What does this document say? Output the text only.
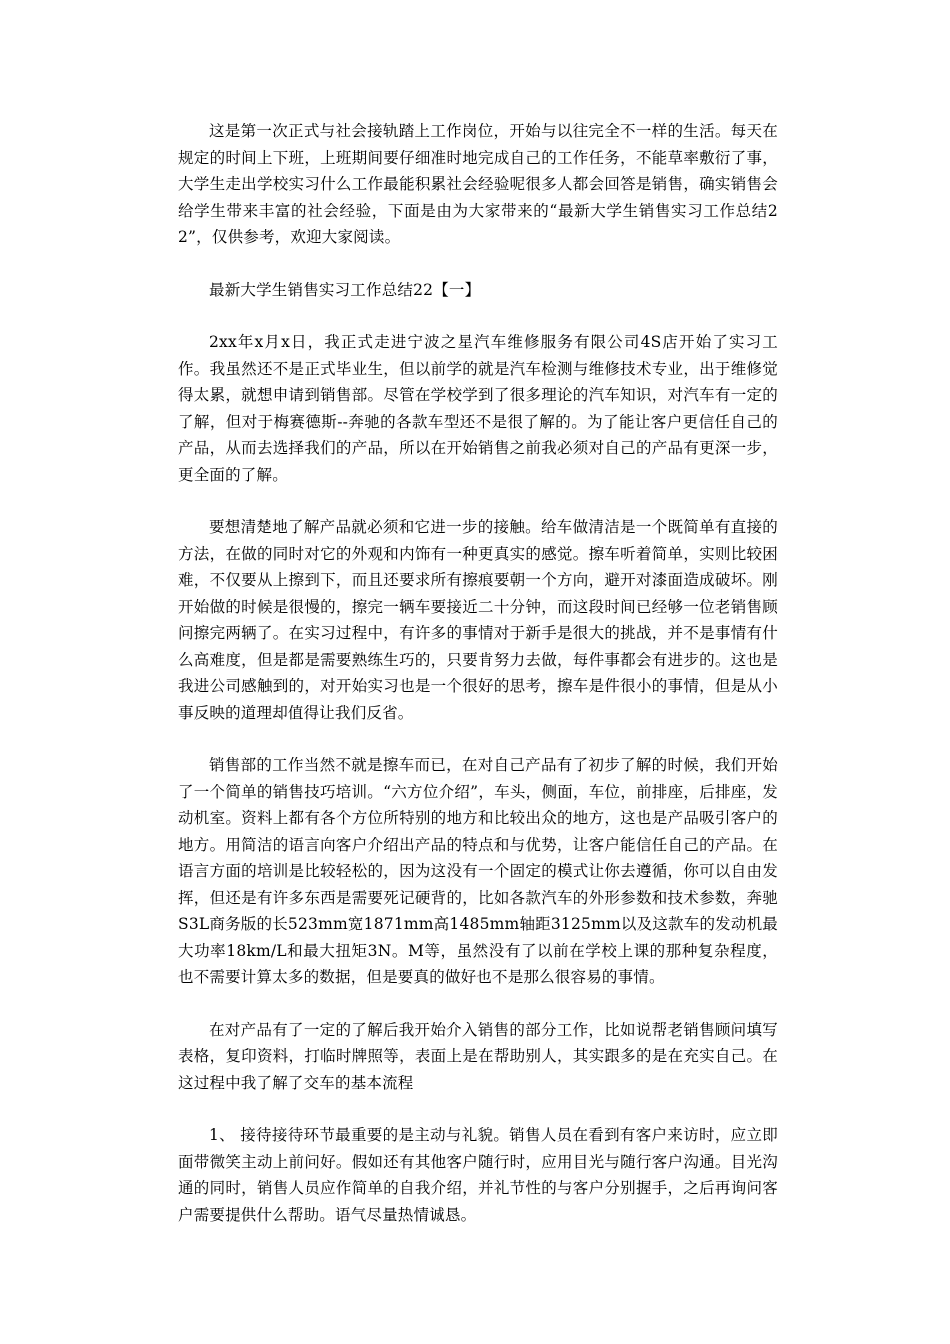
这是第一次正式与社会接轨踏上工作岗位，开始与以往完全不一样的生活。每天在规定的时间上下班，上班期间要仔细准时地完成自己的工作任务，不能草率敷衍了事，大学生走出学校实习什么工作最能积累社会经验呢很多人都会回答是销售，确实销售会给学生带来丰富的社会经验，下面是由为大家带来的“最新大学生销售实习工作总结22”，仅供参考，欢迎大家阅读。

最新大学生销售实习工作总结22【一】

2xx年x月x日，我正式走进宁波之星汽车维修服务有限公司4S店开始了实习工作。我虽然还不是正式毕业生，但以前学的就是汽车检测与维修技术专业，出于维修觉得太累，就想申请到销售部。尽管在学校学到了很多理论的汽车知识，对汽车有一定的了解，但对于梅赛德斯--奔驰的各款车型还不是很了解的。为了能让客户更信任自己的产品，从而去选择我们的产品，所以在开始销售之前我必须对自己的产品有更深一步，更全面的了解。

要想清楚地了解产品就必须和它进一步的接触。给车做清洁是一个既简单有直接的方法，在做的同时对它的外观和内饰有一种更真实的感觉。擦车听着简单，实则比较困难，不仅要从上擦到下，而且还要求所有擦痕要朝一个方向，避开对漆面造成破坏。刚开始做的时候是很慢的，擦完一辆车要接近二十分钟，而这段时间已经够一位老销售顾问擦完两辆了。在实习过程中，有许多的事情对于新手是很大的挑战，并不是事情有什么高难度，但是都是需要熟练生巧的，只要肯努力去做，每件事都会有进步的。这也是我进公司感触到的，对开始实习也是一个很好的思考，擦车是件很小的事情，但是从小事反映的道理却值得让我们反省。

销售部的工作当然不就是擦车而已，在对自己产品有了初步了解的时候，我们开始了一个简单的销售技巧培训。“六方位介绍”，车头，侧面，车位，前排座，后排座，发动机室。资料上都有各个方位所特别的地方和比较出众的地方，这也是产品吸引客户的地方。用简洁的语言向客户介绍出产品的特点和与优势，让客户能信任自己的产品。在语言方面的培训是比较轻松的，因为这没有一个固定的模式让你去遵循，你可以自由发挥，但还是有许多东西是需要死记硬背的，比如各款汽车的外形参数和技术参数，奔驰S3L商务版的长523mm宽1871mm高1485mm轴距3125mm以及这款车的发动机最大功率18km/L和最大扭矩3N。M等，虽然没有了以前在学校上课的那种复杂程度，也不需要计算太多的数据，但是要真的做好也不是那么很容易的事情。

在对产品有了一定的了解后我开始介入销售的部分工作，比如说帮老销售顾问填写表格，复印资料，打临时牌照等，表面上是在帮助别人，其实跟多的是在充实自己。在这过程中我了解了交车的基本流程

1、 接待接待环节最重要的是主动与礼貌。销售人员在看到有客户来访时，应立即面带微笑主动上前问好。假如还有其他客户随行时，应用目光与随行客户沟通。目光沟通的同时，销售人员应作简单的自我介绍，并礼节性的与客户分别握手，之后再询问客户需要提供什么帮助。语气尽量热情诚恳。
